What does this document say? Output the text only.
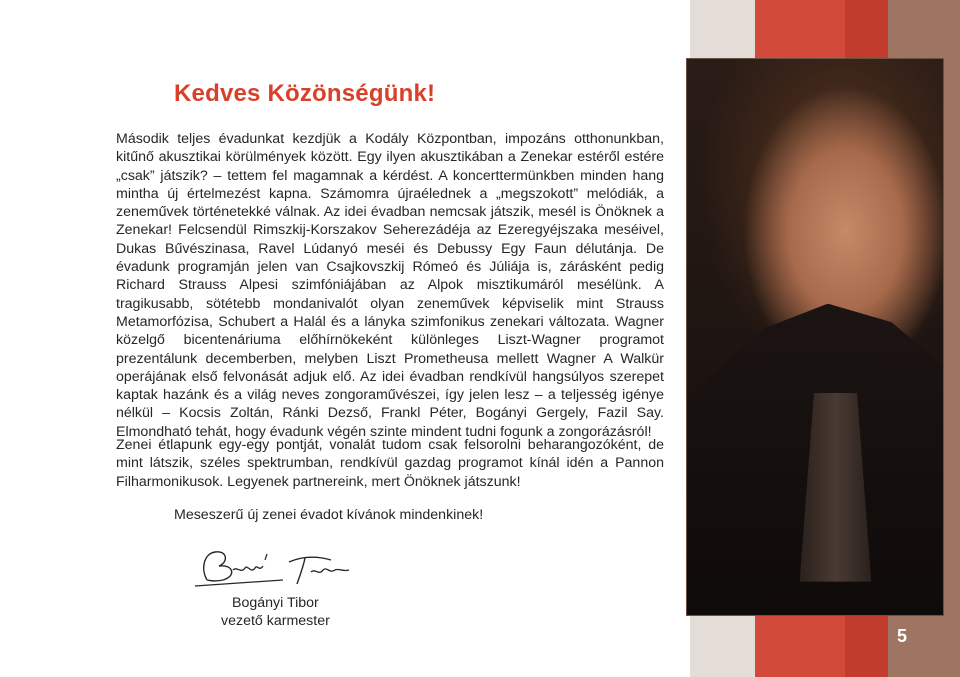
Kedves Közönségünk!

Második teljes évadunkat kezdjük a Kodály Központban, impozáns otthonunkban, kitűnő akusztikai körülmények között. Egy ilyen akusztikában a Zenekar estéről estére „csak” játszik? – tettem fel magamnak a kérdést. A koncerttermünkben minden hang mintha új értelmezést kapna. Számomra újraélednek a „megszokott” melódiák, a zeneművek történetekké válnak. Az idei évadban nemcsak játszik, mesél is Önöknek a Zenekar! Felcsendül Rimszkij-Korszakov Seherezádéja az Ezeregyéjszaka meséivel, Dukas Bűvészinasa, Ravel Lúdanyó meséi és Debussy Egy Faun délutánja. De évadunk programján jelen van Csajkovszkij Rómeó és Júliája is, zárásként pedig Richard Strauss Alpesi szimfóniájában az Alpok misztikumáról mesélünk. A tragikusabb, sötétebb mondanivalót olyan zeneművek képviselik mint Strauss Metamorfózisa, Schubert a Halál és a lányka szimfonikus zenekari változata. Wagner közelgő bicentenáriuma előhírnökeként különleges Liszt-Wagner programot prezentálunk decemberben, melyben Liszt Prometheusa mellett Wagner A Walkür operájának első felvonását adjuk elő. Az idei évadban rendkívül hangsúlyos szerepet kaptak hazánk és a világ neves zongoraművészei, így jelen lesz – a teljesség igénye nélkül – Kocsis Zoltán, Ránki Dezső, Frankl Péter, Bogányi Gergely, Fazil Say. Elmondható tehát, hogy évadunk végén szinte mindent tudni fogunk a zongorázásról!

Zenei étlapunk egy-egy pontját, vonalát tudom csak felsorolni beharangozóként, de mint látszik, széles spektrumban, rendkívül gazdag programot kínál idén a Pannon Filharmonikusok. Legyenek partnereink, mert Önöknek játszunk!

Meseszerű új zenei évadot kívánok mindenkinek!

Bogányi Tibor
vezető karmester
5
